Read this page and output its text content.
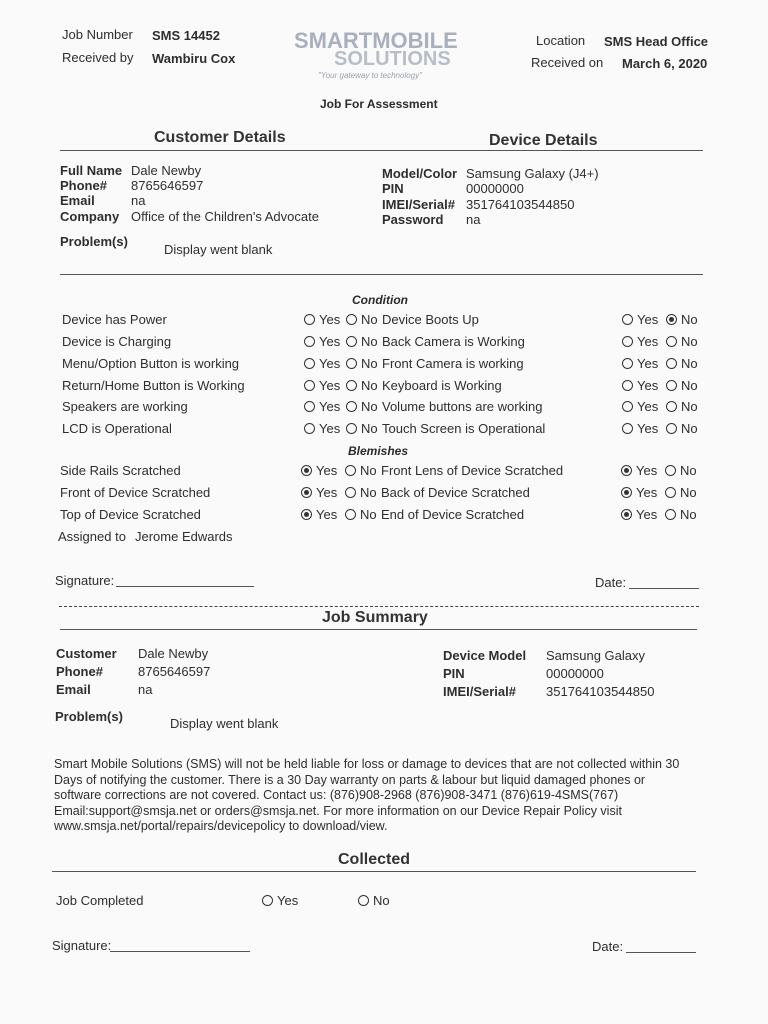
Job Number SMS 14452
Received by Wambiru Cox
SMARTMOBILE
SOLUTIONS
"Your gateway to technology"
Location SMS Head Office
Received on March 6, 2020
Job For Assessment
Customer Details	Device Details
Full Name Dale Newby
Phone# 8765646597
Email	na
Company Office of the Children's Advocate
Problem(s)
Display went blank
Model/Color Samsung Galaxy (J4+)
PIN	00000000
IMEI/Serial# 351764103544850
Password na
Condition
Device has Power	Yes	No
Device is Charging	Yes	No
Menu/Option Button is working	Yes	No
Return/Home Button is Working	Yes	No
Speakers are working	Yes	No
LCD is Operational	Yes	No
Device Boots Up	Yes	No
Back Camera is Working	Yes	No
Front Camera is working	Yes	No
Keyboard is Working	Yes	No
Volume buttons are working	Yes	No
Touch Screen is Operational	Yes	No
Blemishes
Side Rails Scratched	Yes	No
Front of Device Scratched	Yes	No
Top of Device Scratched	Yes	No
Front Lens of Device Scratched	Yes	No
Back of Device Scratched	Yes	No
End of Device Scratched	Yes	No
Assigned to Jerome Edwards
Signature:	Date:
Job Summary
Customer Dale Newby
Phone#	8765646597
Email	na
Problem(s)	Display went blank
Device Model Samsung Galaxy
PIN	00000000
IMEI/Serial# 351764103544850
Smart Mobile Solutions (SMS) will not be held liable for loss or damage to devices that are not collected within 30
Days of notifying the customer. There is a 30 Day warranty on parts & labour but liquid damaged phones or
software corrections are not covered. Contact us: (876)908-2968 (876)908-3471 (876)619-4SMS(767)
Email:support@smsja.net or orders@smsja.net. For more information on our Device Repair Policy visit
www.smsja.net/portal/repairs/devicepolicy to download/view.
Collected
Job Completed	Yes	No
Signature:	Date:
